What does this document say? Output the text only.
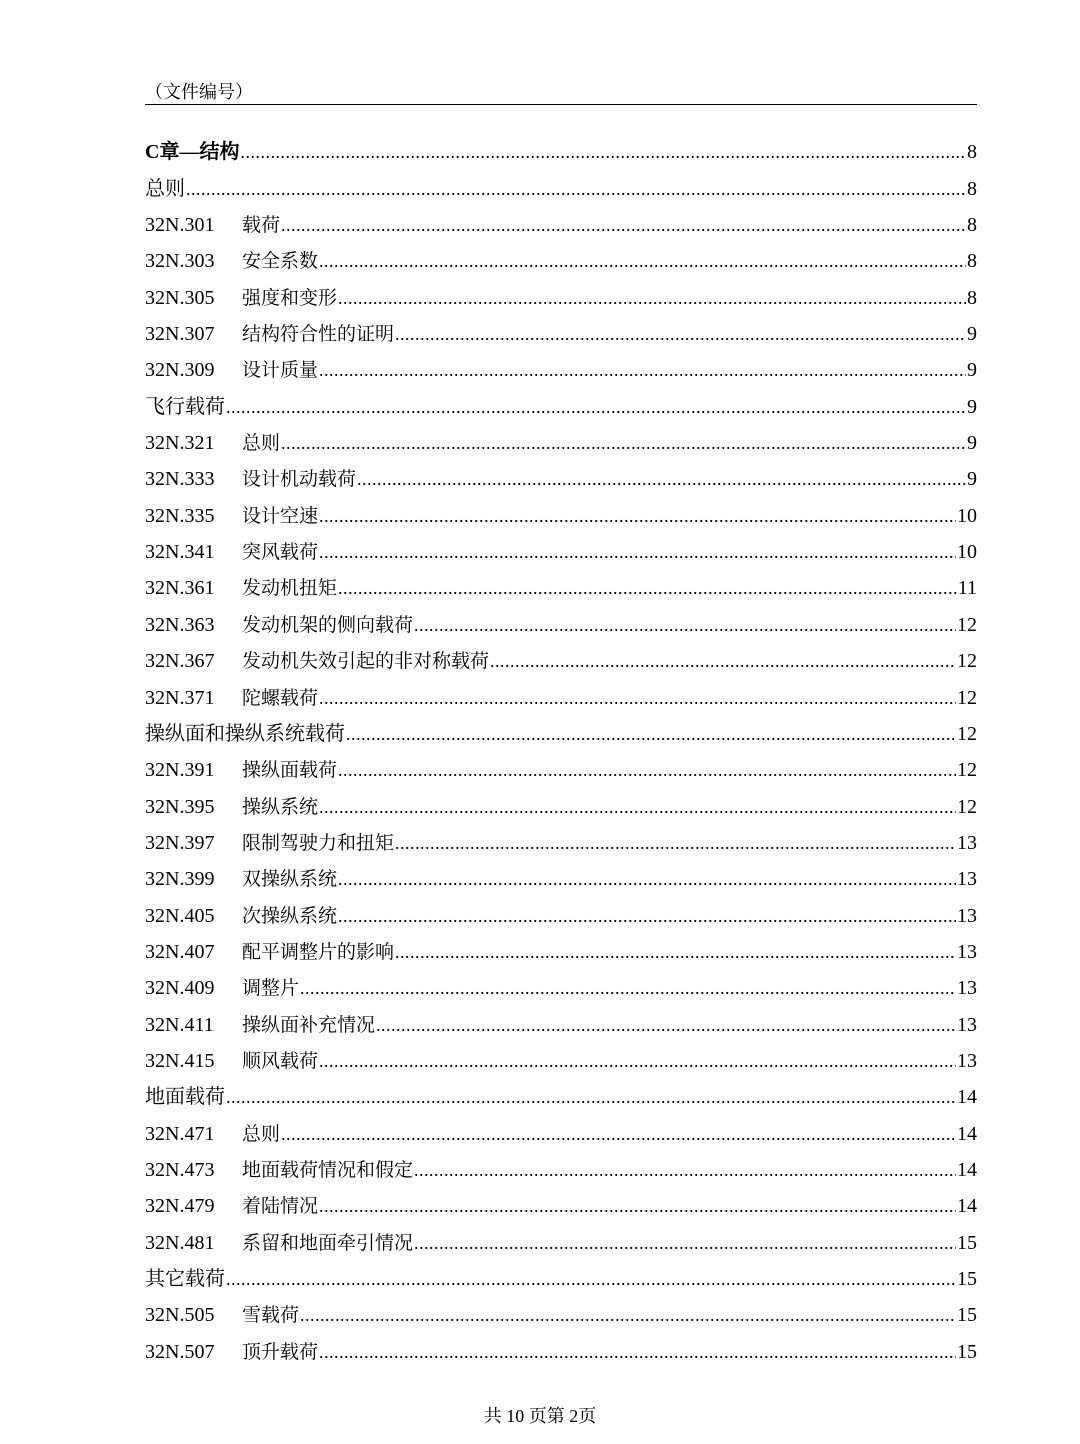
（文件编号）
C章—结构 .....	8
总则 .....	8
32N.301	载荷 .....	8
32N.303	安全系数 .....	8
32N.305	强度和变形 .....	8
32N.307	结构符合性的证明 .....	9
32N.309	设计质量 .....	9
飞行载荷 .....	9
32N.321	总则 .....	9
32N.333	设计机动载荷 .....	9
32N.335	设计空速 .....	10
32N.341	突风载荷 .....	10
32N.361	发动机扭矩 .....	11
32N.363	发动机架的侧向载荷 .....	12
32N.367	发动机失效引起的非对称载荷 .....	12
32N.371	陀螺载荷 .....	12
操纵面和操纵系统载荷 .....	12
32N.391	操纵面载荷 .....	12
32N.395	操纵系统 .....	12
32N.397	限制驾驶力和扭矩 .....	13
32N.399	双操纵系统 .....	13
32N.405	次操纵系统 .....	13
32N.407	配平调整片的影响 .....	13
32N.409	调整片 .....	13
32N.411	操纵面补充情况 .....	13
32N.415	顺风载荷 .....	13
地面载荷 .....	14
32N.471	总则 .....	14
32N.473	地面载荷情况和假定 .....	14
32N.479	着陆情况 .....	14
32N.481	系留和地面牵引情况 .....	15
其它载荷 .....	15
32N.505	雪载荷 .....	15
32N.507	顶升载荷 .....	15
共 10 页第 2页
